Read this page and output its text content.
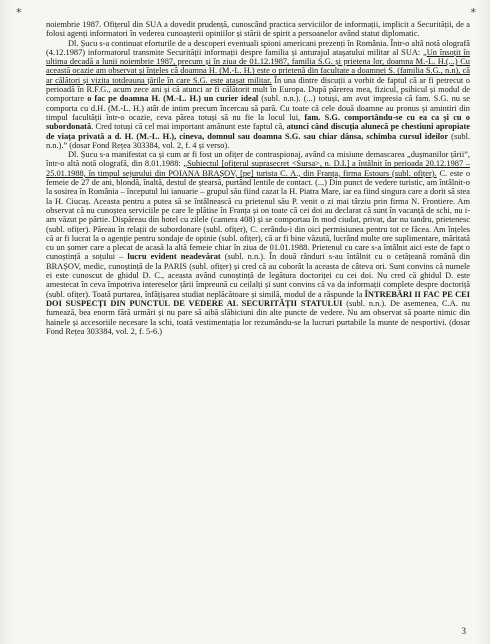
*	*

noiembrie 1987. Ofițerul din SUA a dovedit prudență, cunoscând practica serviciilor de informații, implicit a Securității, de a folosi agenți informatori în vederea cunoașterii opiniilor și stării de spirit a persoanelor având statut diplomatic.

Dl. Șucu s-a continuat eforturile de a descoperi eventuali spioni americani prezenți în România. Într-o altă notă olografă (4.12.1987) informatorul transmite Securității informații despre familia și anturajul atașatului militar al SUA: „Un însoțit în ultima decadă a lunii noiembrie 1987, precum și în ziua de 01.12.1987, familia S.G. și prietena lor, doamna M.-L. H.(...) Cu această ocazie am observat și înțeles că doamna H. (M.-L. H.) este o prietenă din facultate a doamnei S. (familia S.G., n.n), că ar călători și vizita totdeauna țările în care S.G. este atașat militar. În una dintre discuții a vorbit de faptul că ar fi petrecut o perioadă în R.F.G., acum zece ani și că atunci ar fi călătorit mult în Europa. După părerea mea, fizicul, psihicul și modul de comportare o fac pe doamna H. (M.-L. H.) un curier ideal (subl. n.n.). (...) totuși, am avut impresia că fam. S.G. nu se comporta cu d.H. (M.-L. H.) atât de intim precum încercau să pară. Cu toate că cele două doamne au pronus și amintiri din timpul facultății într-o ocazie, ceva părea totuși să nu fie la locul lui, fam. S.G. comportându-se cu ea ca și cu o subordonată. Cred totuși că cel mai important amănunt este faptul că, atunci când discuția alunecă pe chestiuni apropiate de viața privată a d. H. (M.-L. H.), cineva, domnul sau doamna S.G. sau chiar dânsa, schimba cursul ideilor (subl. n.n.).” (dosar Fond Rețea 303384, vol. 2, f. 4 și verso).

Dl. Șucu s-a manifestat ca și cum ar fi fost un ofițer de contraspionaj, având ca misiune demascarea „dușmanilor țării”, într-o altă notă olografă, din 8.01.1988: „Subiectul [ofițerul suprasecret <Sursa>, n. D.I.] a întâlnit în perioada 20.12.1987 – 25.01.1988, în timpul sejurului din POIANA BRAȘOV, [pe] turista C. A., din Franța, firma Estours (subl. ofițer). C. este o femeie de 27 de ani, blondă, înaltă, destul de ștearsă, purtând lentile de contact. (...) Din punct de vedere turistic, am întâlnit-o la sosirea în România – începutul lui ianuarie – grupul său fiind cazat la H. Piatra Mare, iar ea fiind singura care a dorit să stea la H. Ciucaș. Aceasta pentru a putea să se întâlnească cu prietenul său P. venit o zi mai târziu prin firma N. Frontiere. Am observat că nu cunoștea serviciile pe care le plătise în Franța și on toate că cei doi au declarat că sunt în vacanță de schi, nu i-am văzut pe pârtie. Dispăreau din hotel cu zilele (camera 408) și se comportau în mod ciudat, privat, dar nu tandru, prietenesc (subl. ofițer). Păreau în relații de subordonare (subl. ofițer), C. cerându-i din oici permisiunea pentru tot ce făcea. Am înțeles că ar fi lucrat la o agenție pentru sondaje de opinie (subl. ofițer), că ar fi bine văzută, lucrând multe ore suplimentare, măritată cu un șomer care a plecat de acasă la altă femeie chiar în ziua de 01.01.1988. Prietenul cu care s-a întâlnit aici este de fapt o cunoștință a soțului – lucru evident neadevărat (subl. n.n.). În două rânduri s-au întâlnit cu o cetățeană română din BRAȘOV, medic, cunoștință de la PARIS (subl. ofițer) și cred că au coborât la aceasta de câteva ori. Sunt convins că numele ei este cunoscut de ghidul D. C., aceasta având cunoștință de legătura doctoriței cu cei doi. Nu cred că ghidul D. este amestecat în ceva împotriva intereselor țării împreună cu ceilalți și sunt convins că va da informații complete despre doctoriță (subl. ofițer). Toată purtarea, înfățișarea studiat neplăcătoare și similă, modul de a răspunde la ÎNTREBĂRI II FAC PE CEI DOI SUSPECȚI DIN PUNCTUL DE VEDERE AL SECURITĂȚII STATULUI (subl. n.n.). De asemenea, C.A. nu fumează, bea enorm fără urmări și nu pare să aibă slăbiciuni din alte puncte de vedere. Nu am observat să poarte nimic din hainele și accesoriile necesare la schi, toată vestimentația lor rezumându-se la lucruri purtabile la munte de nesportivi. (dosar Fond Rețea 303384, vol. 2, f. 5-6.)

3
